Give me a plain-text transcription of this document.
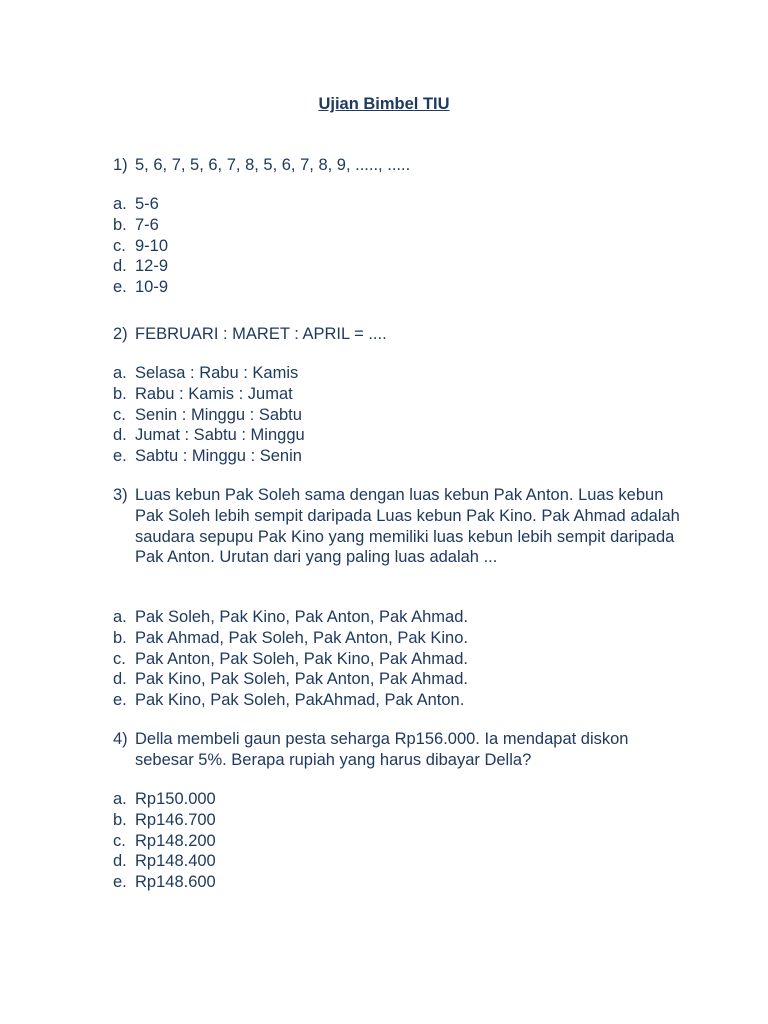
Ujian Bimbel TIU
1) 5, 6, 7, 5, 6, 7, 8, 5, 6, 7, 8, 9, ....., .....
a. 5-6
b. 7-6
c. 9-10
d. 12-9
e. 10-9
2) FEBRUARI : MARET : APRIL = ....
a. Selasa : Rabu : Kamis
b. Rabu : Kamis : Jumat
c. Senin : Minggu : Sabtu
d. Jumat : Sabtu : Minggu
e. Sabtu : Minggu : Senin
3) Luas kebun Pak Soleh sama dengan luas kebun Pak Anton. Luas kebun Pak Soleh lebih sempit daripada Luas kebun Pak Kino. Pak Ahmad adalah saudara sepupu Pak Kino yang memiliki luas kebun lebih sempit daripada Pak Anton. Urutan dari yang paling luas adalah ...
a. Pak Soleh, Pak Kino, Pak Anton, Pak Ahmad.
b. Pak Ahmad, Pak Soleh, Pak Anton, Pak Kino.
c. Pak Anton, Pak Soleh, Pak Kino, Pak Ahmad.
d. Pak Kino, Pak Soleh, Pak Anton, Pak Ahmad.
e. Pak Kino, Pak Soleh, PakAhmad, Pak Anton.
4) Della membeli gaun pesta seharga Rp156.000. Ia mendapat diskon sebesar 5%. Berapa rupiah yang harus dibayar Della?
a. Rp150.000
b. Rp146.700
c. Rp148.200
d. Rp148.400
e. Rp148.600
